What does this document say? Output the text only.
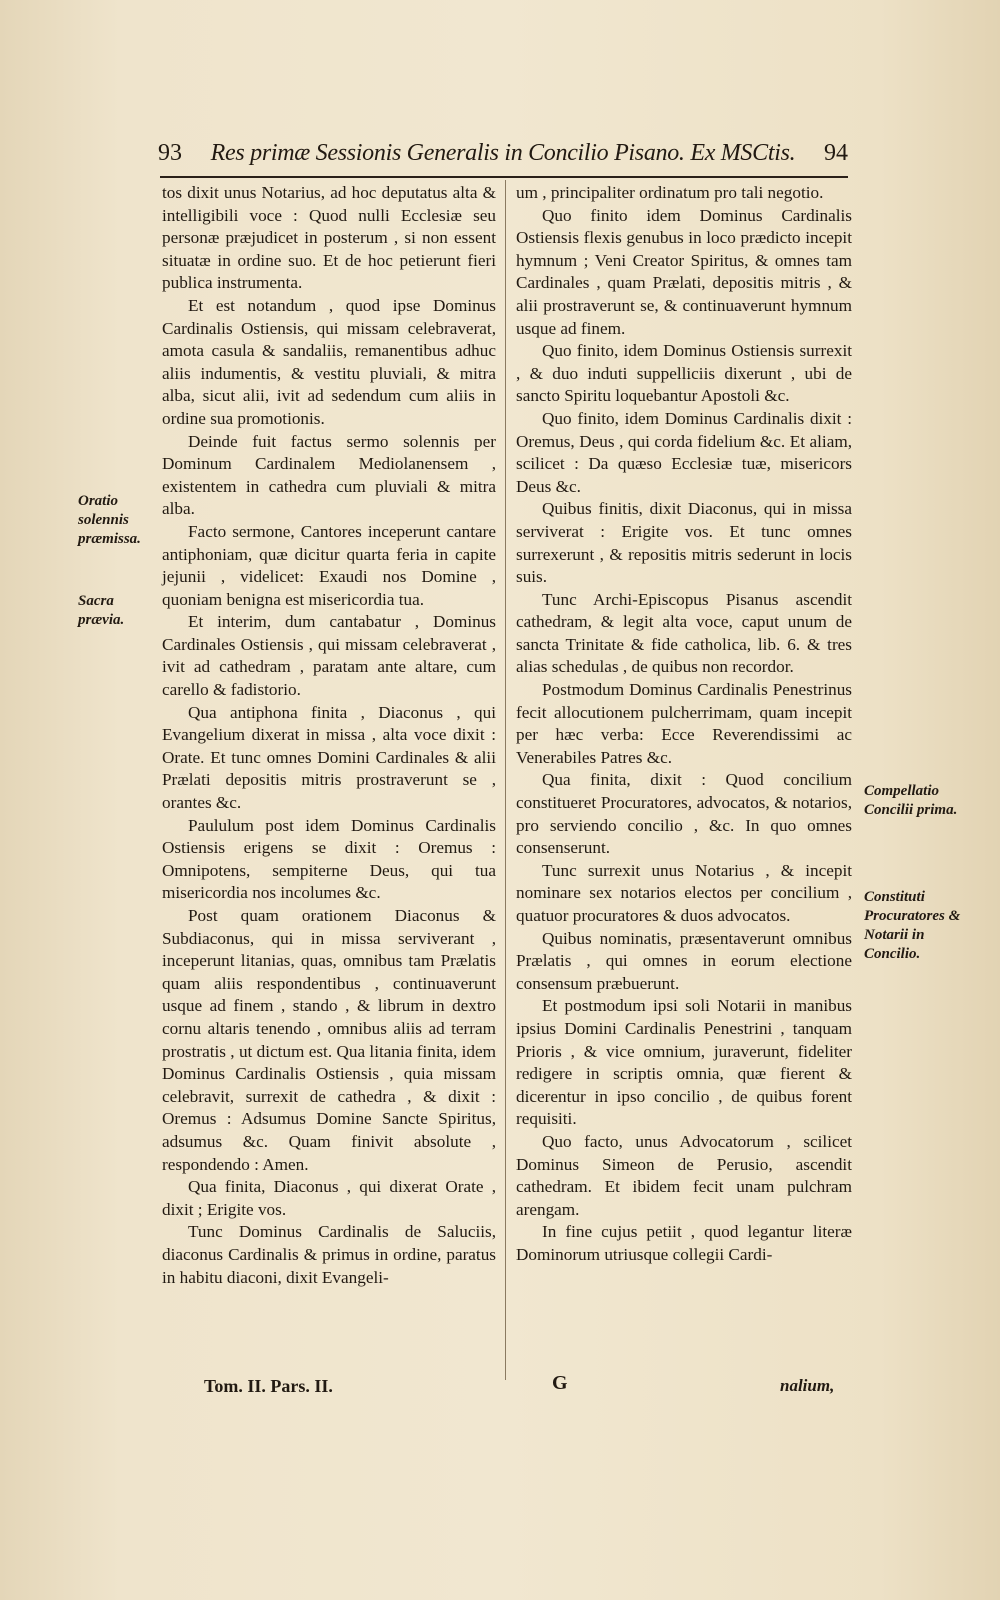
93 Res primæ Sessionis Generalis in Concilio Pisano. Ex MSCtis. 94

tos dixit unus Notarius, ad hoc deputatus alta & intelligibili voce : Quod nulli Ecclesiæ seu personæ præjudicet in posterum , si non essent situatæ in ordine suo. Et de hoc petierunt fieri publica instrumenta.

Et est notandum , quod ipse Dominus Cardinalis Ostiensis, qui missam celebraverat, amota casula & sandaliis, remanentibus adhuc aliis indumentis, & vestitu pluviali, & mitra alba, sicut alii, ivit ad sedendum cum aliis in ordine sua promotionis.

Deinde fuit factus sermo solennis per Dominum Cardinalem Mediolanensem , existentem in cathedra cum pluviali & mitra alba.

Facto sermone, Cantores inceperunt cantare antiphoniam, quæ dicitur quarta feria in capite jejunii , videlicet: Exaudi nos Domine , quoniam benigna est misericordia tua.

Et interim, dum cantabatur , Dominus Cardinales Ostiensis , qui missam celebraverat , ivit ad cathedram , paratam ante altare, cum carello & fadistorio.

Qua antiphona finita , Diaconus , qui Evangelium dixerat in missa , alta voce dixit : Orate. Et tunc omnes Domini Cardinales & alii Prælati depositis mitris prostraverunt se , orantes &c.

Paululum post idem Dominus Cardinalis Ostiensis erigens se dixit : Oremus : Omnipotens, sempiterne Deus, qui tua misericordia nos incolumes &c.

Post quam orationem Diaconus & Subdiaconus, qui in missa serviverant , inceperunt litanias, quas, omnibus tam Prælatis quam aliis respondentibus , continuaverunt usque ad finem , stando , & librum in dextro cornu altaris tenendo , omnibus aliis ad terram prostratis , ut dictum est. Qua litania finita, idem Dominus Cardinalis Ostiensis , quia missam celebravit, surrexit de cathedra , & dixit : Oremus : Adsumus Domine Sancte Spiritus, adsumus &c. Quam finivit absolute , respondendo : Amen.

Qua finita, Diaconus , qui dixerat Orate , dixit ; Erigite vos.

Tunc Dominus Cardinalis de Saluciis, diaconus Cardinalis & primus in ordine, paratus in habitu diaconi, dixit Evangeli-

um , principaliter ordinatum pro tali negotio.

Quo finito idem Dominus Cardinalis Ostiensis flexis genubus in loco prædicto incepit hymnum ; Veni Creator Spiritus, & omnes tam Cardinales , quam Prælati, depositis mitris , & alii prostraverunt se, & continuaverunt hymnum usque ad finem.

Quo finito, idem Dominus Ostiensis surrexit , & duo induti suppelliciis dixerunt , ubi de sancto Spiritu loquebantur Apostoli &c.

Quo finito, idem Dominus Cardinalis dixit : Oremus, Deus , qui corda fidelium &c. Et aliam, scilicet : Da quæso Ecclesiæ tuæ, misericors Deus &c.

Quibus finitis, dixit Diaconus, qui in missa serviverat : Erigite vos. Et tunc omnes surrexerunt , & repositis mitris sederunt in locis suis.

Tunc Archi-Episcopus Pisanus ascendit cathedram, & legit alta voce, caput unum de sancta Trinitate & fide catholica, lib. 6. & tres alias schedulas , de quibus non recordor.

Postmodum Dominus Cardinalis Penestrinus fecit allocutionem pulcherrimam, quam incepit per hæc verba: Ecce Reverendissimi ac Venerabiles Patres &c.

Qua finita, dixit : Quod concilium constitueret Procuratores, advocatos, & notarios, pro serviendo concilio , &c. In quo omnes consenserunt.

Tunc surrexit unus Notarius , & incepit nominare sex notarios electos per concilium , quatuor procuratores & duos advocatos.

Quibus nominatis, præsentaverunt omnibus Prælatis , qui omnes in eorum electione consensum præbuerunt.

Et postmodum ipsi soli Notarii in manibus ipsius Domini Cardinalis Penestrini , tanquam Prioris , & vice omnium, juraverunt, fideliter redigere in scriptis omnia, quæ fierent & dicerentur in ipso concilio , de quibus forent requisiti.

Quo facto, unus Advocatorum , scilicet Dominus Simeon de Perusio, ascendit cathedram. Et ibidem fecit unam pulchram arengam.

In fine cujus petiit , quod legantur literæ Dominorum utriusque collegii Cardi-

Oratio solennis præmissa.
Sacra prævia.
Compellatio Concilii prima.
Constituti Procuratores & Notarii in Concilio.
Tom. II. Pars. II.	G	nalium,
